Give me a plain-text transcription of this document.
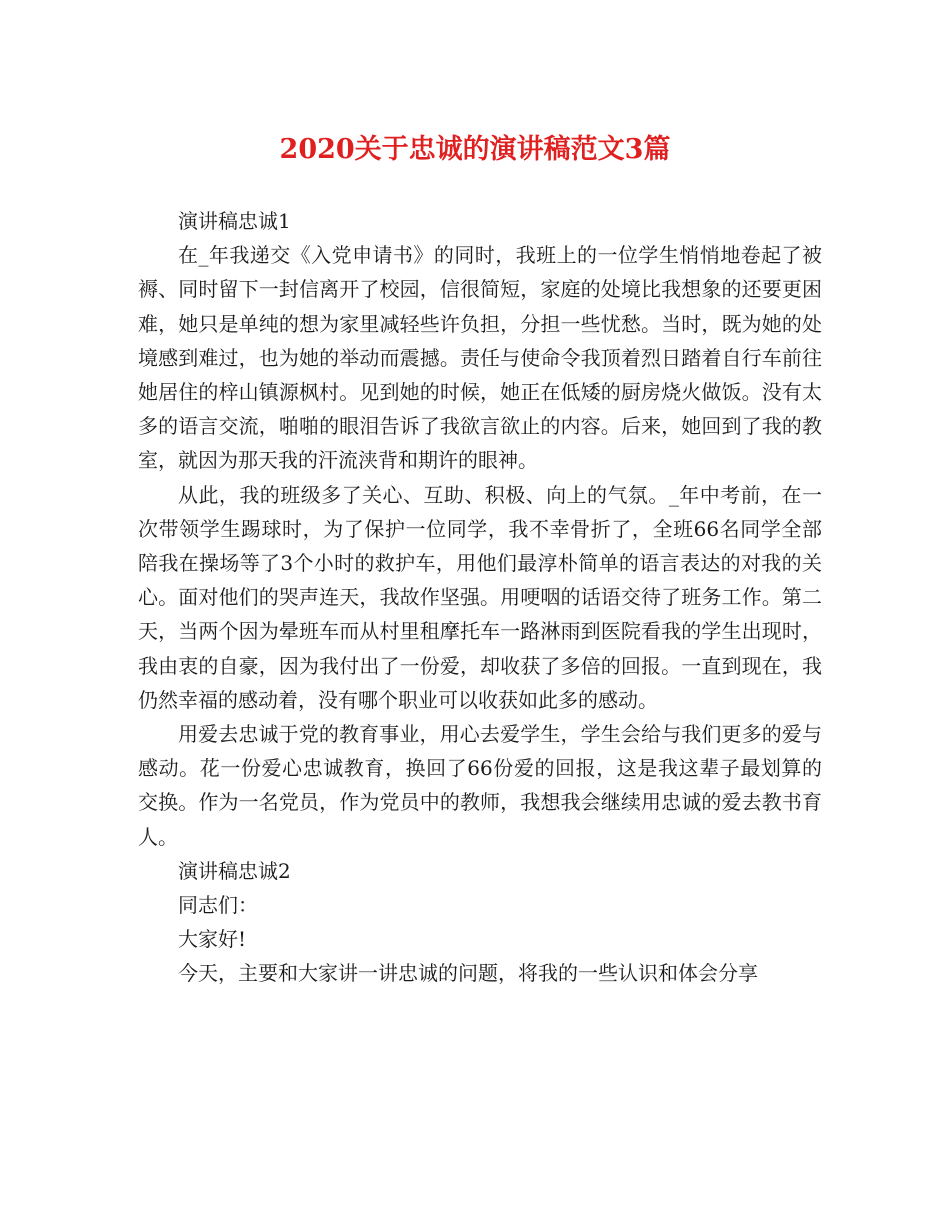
2020关于忠诚的演讲稿范文3篇

演讲稿忠诚1

在_年我递交《入党申请书》的同时，我班上的一位学生悄悄地卷起了被褥、同时留下一封信离开了校园，信很简短，家庭的处境比我想象的还要更困难，她只是单纯的想为家里减轻些许负担，分担一些忧愁。当时，既为她的处境感到难过，也为她的举动而震撼。责任与使命令我顶着烈日踏着自行车前往她居住的梓山镇源枫村。见到她的时候，她正在低矮的厨房烧火做饭。没有太多的语言交流，啪啪的眼泪告诉了我欲言欲止的内容。后来，她回到了我的教室，就因为那天我的汗流浃背和期许的眼神。

从此，我的班级多了关心、互助、积极、向上的气氛。_年中考前，在一次带领学生踢球时，为了保护一位同学，我不幸骨折了，全班66名同学全部陪我在操场等了3个小时的救护车，用他们最淳朴简单的语言表达的对我的关心。面对他们的哭声连天，我故作坚强。用哽咽的话语交待了班务工作。第二天，当两个因为晕班车而从村里租摩托车一路淋雨到医院看我的学生出现时，我由衷的自豪，因为我付出了一份爱，却收获了多倍的回报。一直到现在，我仍然幸福的感动着，没有哪个职业可以收获如此多的感动。

用爱去忠诚于党的教育事业，用心去爱学生，学生会给与我们更多的爱与感动。花一份爱心忠诚教育，换回了66份爱的回报，这是我这辈子最划算的交换。作为一名党员，作为党员中的教师，我想我会继续用忠诚的爱去教书育人。

演讲稿忠诚2

同志们：

大家好!

今天，主要和大家讲一讲忠诚的问题，将我的一些认识和体会分享
